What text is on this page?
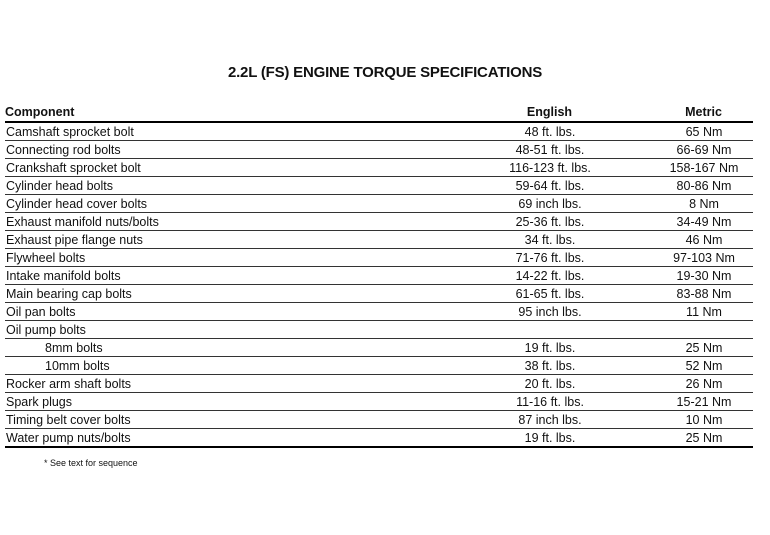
2.2L (FS) ENGINE TORQUE SPECIFICATIONS
Component	English	Metric
Camshaft sprocket bolt	48 ft. lbs.	65 Nm
Connecting rod bolts	48-51 ft. lbs.	66-69 Nm
Crankshaft sprocket bolt	116-123 ft. lbs.	158-167 Nm
Cylinder head bolts	59-64 ft. lbs.	80-86 Nm
Cylinder head cover bolts	69 inch lbs.	8 Nm
Exhaust manifold nuts/bolts	25-36 ft. lbs.	34-49 Nm
Exhaust pipe flange nuts	34 ft. lbs.	46 Nm
Flywheel bolts	71-76 ft. lbs.	97-103 Nm
Intake manifold bolts	14-22 ft. lbs.	19-30 Nm
Main bearing cap bolts	61-65 ft. lbs.	83-88 Nm
Oil pan bolts	95 inch lbs.	11 Nm
Oil pump bolts		
8mm bolts	19 ft. lbs.	25 Nm
10mm bolts	38 ft. lbs.	52 Nm
Rocker arm shaft bolts	20 ft. lbs.	26 Nm
Spark plugs	11-16 ft. lbs.	15-21 Nm
Timing belt cover bolts	87 inch lbs.	10 Nm
Water pump nuts/bolts	19 ft. lbs.	25 Nm
* See text for sequence
